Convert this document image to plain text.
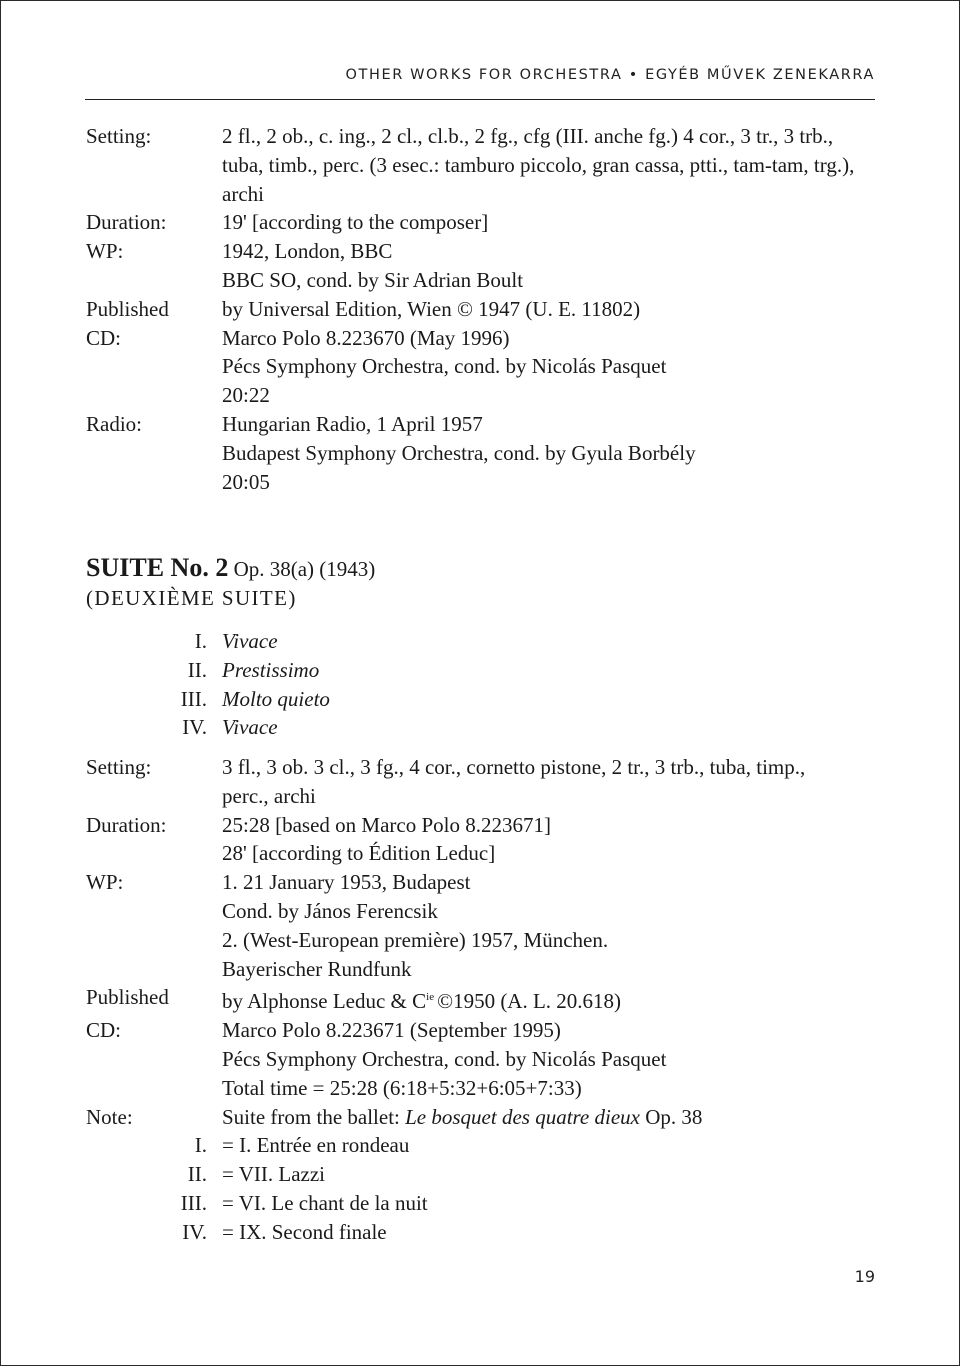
OTHER WORKS FOR ORCHESTRA • EGYÉB MŰVEK ZENEKARRA
Setting:	2 fl., 2 ob., c. ing., 2 cl., cl.b., 2 fg., cfg (III. anche fg.) 4 cor., 3 tr., 3 trb., tuba, timb., perc. (3 esec.: tamburo piccolo, gran cassa, ptti., tam-tam, trg.), archi
Duration:	19' [according to the composer]
WP:	1942, London, BBC
BBC SO, cond. by Sir Adrian Boult
Published	by Universal Edition, Wien © 1947 (U. E. 11802)
CD:	Marco Polo 8.223670 (May 1996)
Pécs Symphony Orchestra, cond. by Nicolás Pasquet
20:22
Radio:	Hungarian Radio, 1 April 1957
Budapest Symphony Orchestra, cond. by Gyula Borbély
20:05
SUITE No. 2 Op. 38(a) (1943)
(DEUXIÈME SUITE)
I. Vivace
II. Prestissimo
III. Molto quieto
IV. Vivace
Setting:	3 fl., 3 ob. 3 cl., 3 fg., 4 cor., cornetto pistone, 2 tr., 3 trb., tuba, timp.,
perc., archi
Duration:	25:28 [based on Marco Polo 8.223671]
28' [according to Édition Leduc]
WP:	1. 21 January 1953, Budapest
Cond. by János Ferencsik
2. (West-European première) 1957, München.
Bayerischer Rundfunk
Published	by Alphonse Leduc & $C^{ie}$ ©1950 (A. L. 20.618)
CD:	Marco Polo 8.223671 (September 1995)
Pécs Symphony Orchestra, cond. by Nicolás Pasquet
Total time = 25:28 (6:18+5:32+6:05+7:33)
Note:	Suite from the ballet: Le bosquet des quatre dieux Op. 38
I. = I. Entrée en rondeau
II. = VII. Lazzi
III. = VI. Le chant de la nuit
IV. = IX. Second finale
19
